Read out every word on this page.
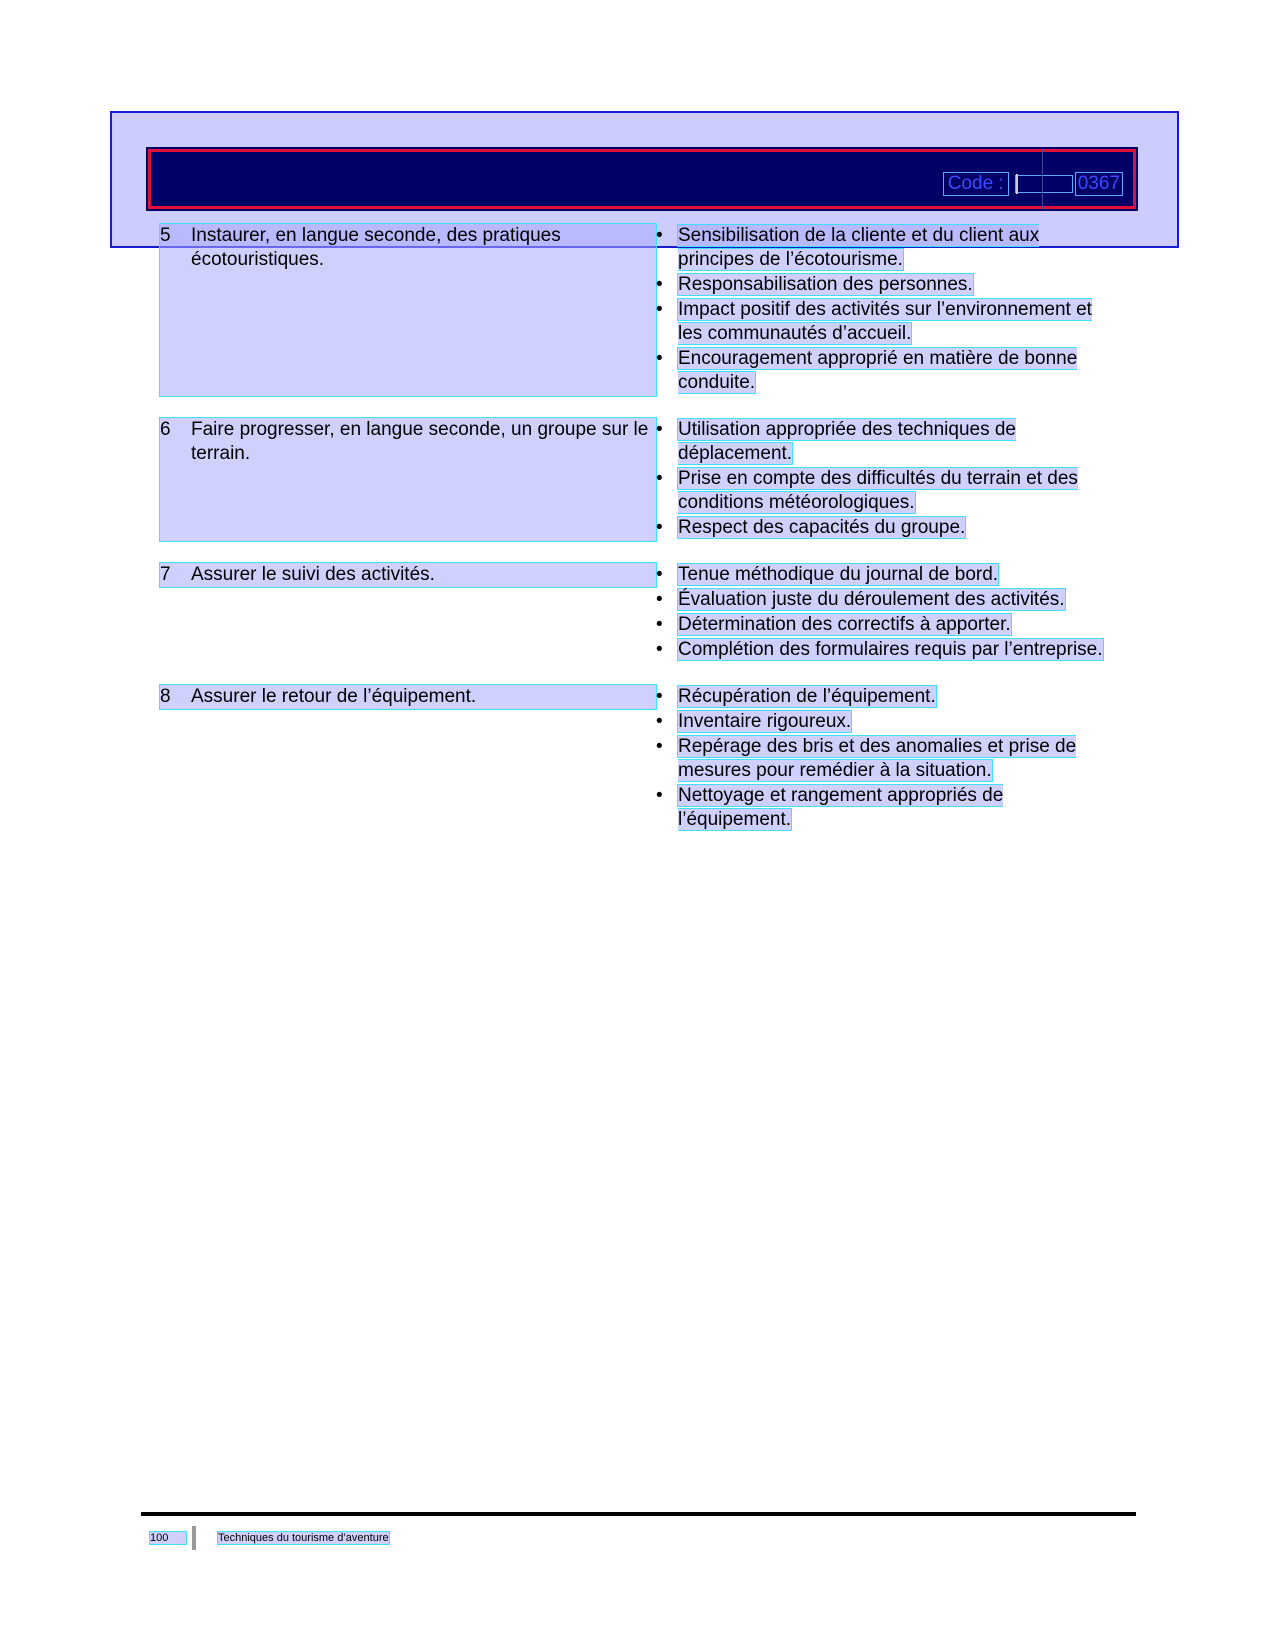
Code :	0367
5	Instaurer, en langue seconde, des pratiques écotouristiques.
• Sensibilisation de la cliente et du client aux principes de l’écotourisme.
• Responsabilisation des personnes.
• Impact positif des activités sur l’environnement et les communautés d’accueil.
• Encouragement approprié en matière de bonne conduite.
6	Faire progresser, en langue seconde, un groupe sur le terrain.
• Utilisation appropriée des techniques de déplacement.
• Prise en compte des difficultés du terrain et des conditions météorologiques.
• Respect des capacités du groupe.
7	Assurer le suivi des activités.	• Tenue méthodique du journal de bord.
• Évaluation juste du déroulement des activités.
• Détermination des correctifs à apporter.
• Complétion des formulaires requis par l’entreprise.
8	Assurer le retour de l’équipement.	• Récupération de l’équipement.
• Inventaire rigoureux.
• Repérage des bris et des anomalies et prise de mesures pour remédier à la situation.
• Nettoyage et rangement appropriés de l’équipement.
100	Techniques du tourisme d’aventure
